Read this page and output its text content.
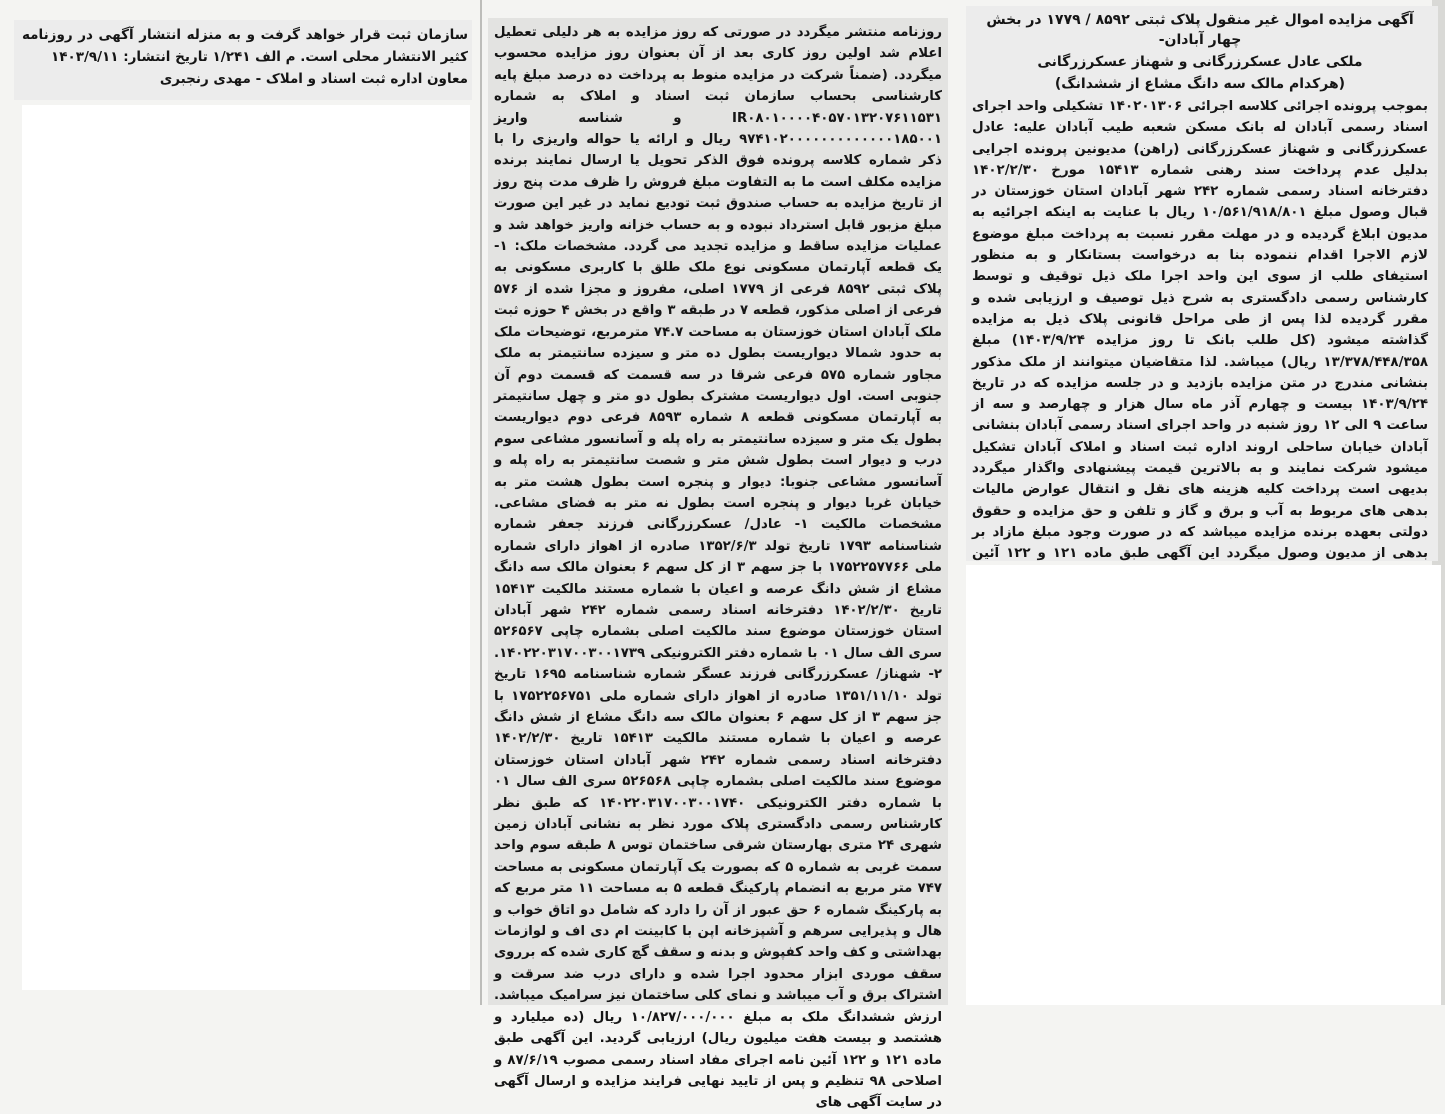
آگهی مزایده اموال غیر منقول پلاک ثبتی ۸۵۹۲ / ۱۷۷۹ در بخش چهار آبادان-

ملکی عادل عسکرزرگانی و شهناز عسکرزرگانی

(هرکدام مالک سه دانگ مشاع از ششدانگ)

بموجب پرونده اجرائی کلاسه اجرائی ۱۴۰۲۰۱۳۰۶ تشکیلی واحد اجرای اسناد رسمی آبادان له بانک مسکن شعبه طیب آبادان علیه: عادل عسکرزرگانی و شهناز عسکرزرگانی (راهن) مدیونین پرونده اجرایی بدلیل عدم پرداخت سند رهنی شماره ۱۵۴۱۳ مورخ ۱۴۰۲/۲/۳۰ دفترخانه اسناد رسمی شماره ۲۴۲ شهر آبادان استان خوزستان در قبال وصول مبلغ ۱۰/۵۶۱/۹۱۸/۸۰۱ ریال با عنایت به اینکه اجرائیه به مدیون ابلاغ گردیده و در مهلت مقرر نسبت به پرداخت مبلغ موضوع لازم الاجرا اقدام ننموده بنا به درخواست بستانکار و به منظور استیفای طلب از سوی این واحد اجرا ملک ذیل توقیف و توسط کارشناس رسمی دادگستری به شرح ذیل توصیف و ارزیابی شده و مقرر گردیده لذا پس از طی مراحل قانونی پلاک ذیل به مزایده گذاشته میشود (کل طلب بانک تا روز مزایده ۱۴۰۳/۹/۲۴) مبلغ ۱۳/۳۷۸/۴۴۸/۳۵۸ ریال) میباشد. لذا متقاضیان میتوانند از ملک مذکور بنشانی مندرج در متن مزایده بازدید و در جلسه مزایده که در تاریخ ۱۴۰۳/۹/۲۴ بیست و چهارم آذر ماه سال هزار و چهارصد و سه از ساعت ۹ الی ۱۲ روز شنبه در واحد اجرای اسناد رسمی آبادان بنشانی آبادان خیابان ساحلی اروند اداره ثبت اسناد و املاک آبادان تشکیل میشود شرکت نمایند و به بالاترین قیمت پیشنهادی واگذار میگردد بدیهی است پرداخت کلیه هزینه های نقل و انتقال عوارض مالیات بدهی های مربوط به آب و برق و گاز و تلفن و حق مزایده و حقوق دولتی بعهده برنده مزایده میباشد که در صورت وجود مبلغ مازاد بر بدهی از مدیون وصول میگردد این آگهی طبق ماده ۱۲۱ و ۱۲۲ آئین

روزنامه منتشر میگردد در صورتی که روز مزایده به هر دلیلی تعطیل اعلام شد اولین روز کاری بعد از آن بعنوان روز مزایده محسوب میگردد. (ضمناً شرکت در مزایده منوط به پرداخت ده درصد مبلغ پایه کارشناسی بحساب سازمان ثبت اسناد و املاک به شماره IR۰۸۰۱۰۰۰۰۴۰۵۷۰۱۳۲۰۷۶۱۱۵۳۱ و شناسه واریز ۹۷۴۱۰۲۰۰۰۰۰۰۰۰۰۰۰۰۰۱۸۵۰۰۱ ریال و ارائه یا حواله واریزی را با ذکر شماره کلاسه پرونده فوق الذکر تحویل یا ارسال نمایند برنده مزایده مکلف است ما به التفاوت مبلغ فروش را ظرف مدت پنج روز از تاریخ مزایده به حساب صندوق ثبت تودیع نماید در غیر این صورت مبلغ مزبور قابل استرداد نبوده و به حساب خزانه واریز خواهد شد و عملیات مزایده ساقط و مزایده تجدید می گردد. مشخصات ملک: ۱- یک قطعه آپارتمان مسکونی نوع ملک طلق با کاربری مسکونی به پلاک ثبتی ۸۵۹۲ فرعی از ۱۷۷۹ اصلی، مفروز و مجزا شده از ۵۷۶ فرعی از اصلی مذکور، قطعه ۷ در طبقه ۳ واقع در بخش ۴ حوزه ثبت ملک آبادان استان خوزستان به مساحت ۷۴.۷ مترمربع، توضیحات ملک به حدود شمالا دیواریست بطول ده متر و سیزده سانتیمتر به ملک مجاور شماره ۵۷۵ فرعی شرقا در سه قسمت که قسمت دوم آن جنوبی است. اول دیواریست مشترک بطول دو متر و چهل سانتیمتر به آپارتمان مسکونی قطعه ۸ شماره ۸۵۹۳ فرعی دوم دیواریست بطول یک متر و سیزده سانتیمتر به راه پله و آسانسور مشاعی سوم درب و دیوار است بطول شش متر و شصت سانتیمتر به راه پله و آسانسور مشاعی جنوبا: دیوار و پنجره است بطول هشت متر به خیابان غربا دیوار و پنجره است بطول نه متر به فضای مشاعی. مشخصات مالکیت ۱- عادل/ عسکرزرگانی فرزند جعفر شماره شناسنامه ۱۷۹۳ تاریخ تولد ۱۳۵۲/۶/۳ صادره از اهواز دارای شماره ملی ۱۷۵۲۲۵۷۷۶۶ با جز سهم ۳ از کل سهم ۶ بعنوان مالک سه دانگ مشاع از شش دانگ عرصه و اعیان با شماره مستند مالکیت ۱۵۴۱۳ تاریخ ۱۴۰۲/۲/۳۰ دفترخانه اسناد رسمی شماره ۲۴۲ شهر آبادان استان خوزستان موضوع سند مالکیت اصلی بشماره چاپی ۵۲۶۵۶۷ سری الف سال ۰۱ با شماره دفتر الکترونیکی ۱۴۰۲۲۰۳۱۷۰۰۳۰۰۱۷۳۹. ۲- شهناز/ عسکرزرگانی فرزند عسگر شماره شناسنامه ۱۶۹۵ تاریخ تولد ۱۳۵۱/۱۱/۱۰ صادره از اهواز دارای شماره ملی ۱۷۵۲۲۵۶۷۵۱ با جز سهم ۳ از کل سهم ۶ بعنوان مالک سه دانگ مشاع از شش دانگ عرصه و اعیان با شماره مستند مالکیت ۱۵۴۱۳ تاریخ ۱۴۰۲/۲/۳۰ دفترخانه اسناد رسمی شماره ۲۴۲ شهر آبادان استان خوزستان موضوع سند مالکیت اصلی بشماره چاپی ۵۲۶۵۶۸ سری الف سال ۰۱ با شماره دفتر الکترونیکی ۱۴۰۲۲۰۳۱۷۰۰۳۰۰۱۷۴۰ که طبق نظر کارشناس رسمی دادگستری پلاک مورد نظر به نشانی آبادان زمین شهری ۲۴ متری بهارستان شرقی ساختمان توس ۸ طبقه سوم واحد سمت غربی به شماره ۵ که بصورت یک آپارتمان مسکونی به مساحت ۷۴۷ متر مربع به انضمام پارکینگ قطعه ۵ به مساحت ۱۱ متر مربع که به پارکینگ شماره ۶ حق عبور از آن را دارد که شامل دو اتاق خواب و هال و پذیرایی سرهم و آشپزخانه اپن با کابینت ام دی اف و لوازمات بهداشتی و کف واحد کفپوش و بدنه و سقف گچ کاری شده که برروی سقف موردی ابزار محدود اجرا شده و دارای درب ضد سرقت و اشتراک برق و آب میباشد و نمای کلی ساختمان نیز سرامیک میباشد. ارزش ششدانگ ملک به مبلغ ۱۰/۸۲۷/۰۰۰/۰۰۰ ریال (ده میلیارد و هشتصد و بیست هفت میلیون ریال) ارزیابی گردید. این آگهی طبق ماده ۱۲۱ و ۱۲۲ آئین نامه اجرای مفاد اسناد رسمی مصوب ۸۷/۶/۱۹ و اصلاحی ۹۸ تنظیم و پس از تایید نهایی فرایند مزایده و ارسال آگهی در سایت آگهی های

سازمان ثبت قرار خواهد گرفت و به منزله انتشار آگهی در روزنامه کثیر الانتشار محلی است. م الف ۱/۲۴۱ تاریخ انتشار: ۱۴۰۳/۹/۱۱

معاون اداره ثبت اسناد و املاک - مهدی رنجبری
